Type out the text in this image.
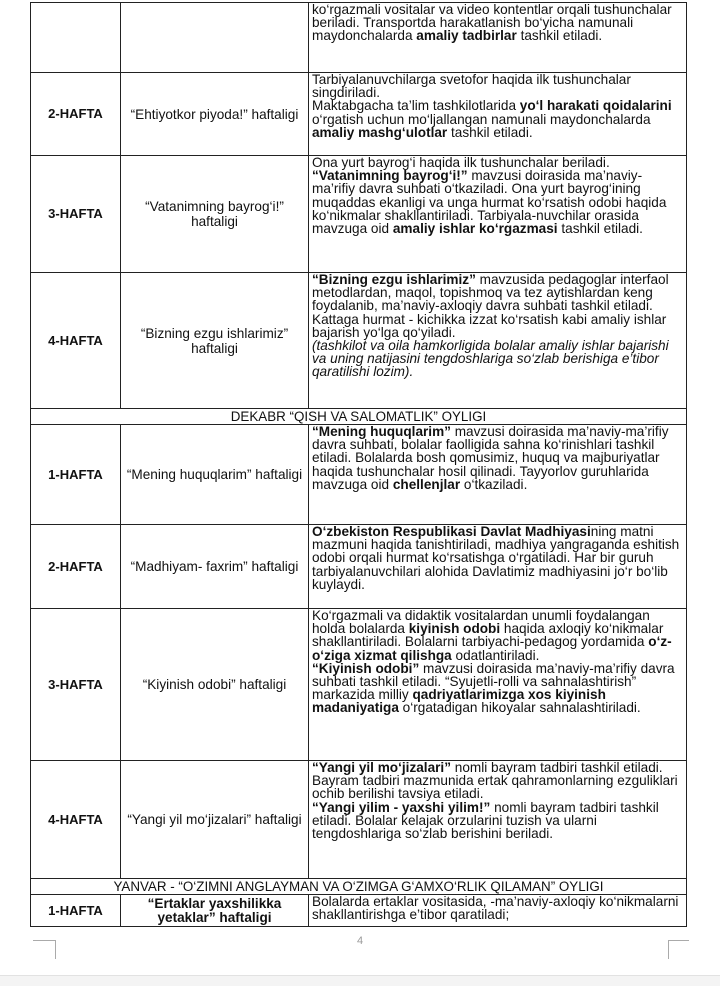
		ko‘rgazmali vositalar va video kontentlar orqali tushunchalar beriladi. Transportda harakatlanish bo‘yicha namunali maydonchalarda amaliy tadbirlar tashkil etiladi.

2-HAFTA	“Ehtiyotkor piyoda!” haftaligi	Tarbiyalanuvchilarga svetofor haqida ilk tushunchalar singdiriladi.

Maktabgacha ta’lim tashkilotlarida yo‘l harakati qoidalarini o‘rgatish uchun mo‘ljallangan namunali maydonchalarda amaliy mashg‘ulotlar tashkil etiladi.

3-HAFTA	“Vatanimning bayrog‘i!” haftaligi	Ona yurt bayrog‘i haqida ilk tushunchalar beriladi.

“Vatanimning bayrog‘i!” mavzusi doirasida ma’naviy-ma’rifiy davra suhbati o‘tkaziladi. Ona yurt bayrog‘ining muqaddas ekanligi va unga hurmat ko‘rsatish odobi haqida ko‘nikmalar shakllantiriladi. Tarbiyala-nuvchilar orasida mavzuga oid amaliy ishlar ko‘rgazmasi tashkil etiladi.

4-HAFTA	“Bizning ezgu ishlarimiz” haftaligi	“Bizning ezgu ishlarimiz” mavzusida pedagoglar interfaol metodlardan, maqol, topishmoq va tez aytishlardan keng foydalanib, ma’naviy-axloqiy davra suhbati tashkil etiladi. Kattaga hurmat - kichikka izzat ko‘rsatish kabi amaliy ishlar bajarish yo‘lga qo‘yiladi.

(tashkilot va oila hamkorligida bolalar amaliy ishlar bajarishi va uning natijasini tengdoshlariga so‘zlab berishiga e’tibor qaratilishi lozim).

DEKABR “QISH VA SALOMATLIK” OYLIGI		
1-HAFTA	“Mening huquqlarim” haftaligi	“Mening huquqlarim” mavzusi doirasida ma’naviy-ma’rifiy davra suhbati, bolalar faolligida sahna ko‘rinishlari tashkil etiladi. Bolalarda bosh qomusimiz, huquq va majburiyatlar haqida tushunchalar hosil qilinadi. Tayyorlov guruhlarida mavzuga oid chellenjlar o‘tkaziladi.

2-HAFTA	“Madhiyam- faxrim” haftaligi	O‘zbekiston Respublikasi Davlat Madhiyasining matni mazmuni haqida tanishtiriladi, madhiya yangraganda eshitish odobi orqali hurmat ko‘rsatishga o‘rgatiladi. Har bir guruh tarbiyalanuvchilari alohida Davlatimiz madhiyasini jo‘r bo‘lib kuylaydi.

3-HAFTA	“Kiyinish odobi” haftaligi	Ko‘rgazmali va didaktik vositalardan unumli foydalangan holda bolalarda kiyinish odobi haqida axloqiy ko‘nikmalar shakllantiriladi. Bolalarni tarbiyachi-pedagog yordamida o‘z- o‘ziga xizmat qilishga odatlantiriladi.

“Kiyinish odobi” mavzusi doirasida ma’naviy-ma’rifiy davra suhbati tashkil etiladi. “Syujetli-rolli va sahnalashtirish” markazida milliy qadriyatlarimizga xos kiyinish madaniyatiga o‘rgatadigan hikoyalar sahnalashtiriladi.

4-HAFTA	“Yangi yil mo‘jizalari” haftaligi	“Yangi yil mo‘jizalari” nomli bayram tadbiri tashkil etiladi. Bayram tadbiri mazmunida ertak qahramonlarning ezguliklari ochib berilishi tavsiya etiladi.

“Yangi yilim - yaxshi yilim!” nomli bayram tadbiri tashkil etiladi. Bolalar kelajak orzularini tuzish va ularni tengdoshlariga so‘zlab berishini beriladi.

YANVAR - “O‘ZIMNI ANGLAYMAN VA O‘ZIMGA G‘AMXO‘RLIK QILAMAN” OYLIGI		
1-HAFTA	“Ertaklar yaxshilikka yetaklar” haftaligi	Bolalarda ertaklar vositasida, -ma’naviy-axloqiy ko‘nikmalarni shakllantirishga e’tibor qaratiladi;

4
